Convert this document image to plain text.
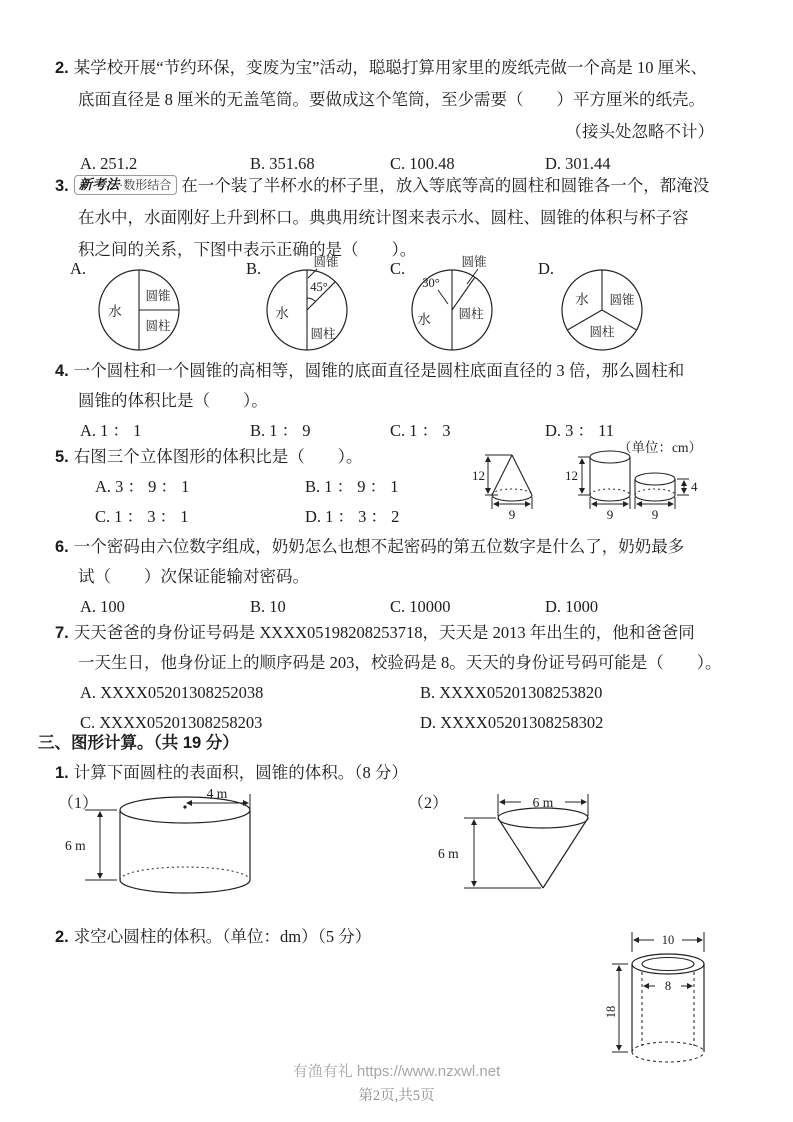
2. 某学校开展“节约环保，变废为宝”活动，聪聪打算用家里的废纸壳做一个高是 10 厘米、
底面直径是 8 厘米的无盖笔筒。要做成这个笔筒，至少需要（　　）平方厘米的纸壳。
（接头处忽略不计）
A. 251.2	B. 351.68	C. 100.48	D. 301.44
3. 新考法·数形结合 在一个装了半杯水的杯子里，放入等底等高的圆柱和圆锥各一个，都淹没
在水中，水面刚好上升到杯口。典典用统计图来表示水、圆柱、圆锥的体积与杯子容
积之间的关系，下图中表示正确的是（　　）。
A.	B.	C.	D.
水
圆锥
圆柱
圆锥
45°
水
圆柱
圆锥
30°
水 圆柱
水 圆锥
圆柱
4. 一个圆柱和一个圆锥的高相等，圆锥的底面直径是圆柱底面直径的 3 倍，那么圆柱和
圆锥的体积比是（　　）。
A. 1 ： 1	B. 1 ： 9	C. 1 ： 3	D. 3 ： 11
5. 右图三个立体图形的体积比是（　　）。
A. 3 ： 9 ： 1	B. 1 ： 9 ： 1
C. 1 ： 3 ： 1	D. 1 ： 3 ： 2
（单位：cm）
12
9
12
9
4
9
6. 一个密码由六位数字组成，奶奶怎么也想不起密码的第五位数字是什么了，奶奶最多
试（　　）次保证能输对密码。
A. 100	B. 10	C. 10000	D. 1000
7. 天天爸爸的身份证号码是 XXXX05198208253718，天天是 2013 年出生的，他和爸爸同
一天生日，他身份证上的顺序码是 203，校验码是 8。天天的身份证号码可能是（　　）。
A. XXXX05201308252038	B. XXXX05201308253820
C. XXXX05201308258203	D. XXXX05201308258302
三、图形计算。（共 19 分）
1. 计算下面圆柱的表面积，圆锥的体积。（8 分）
（1）	（2）
4 m
6 m
6 m
6 m
2. 求空心圆柱的体积。（单位：dm）（5 分）	10
8
18
有渔有礼 https://www.nzxwl.net
第2页,共5页
